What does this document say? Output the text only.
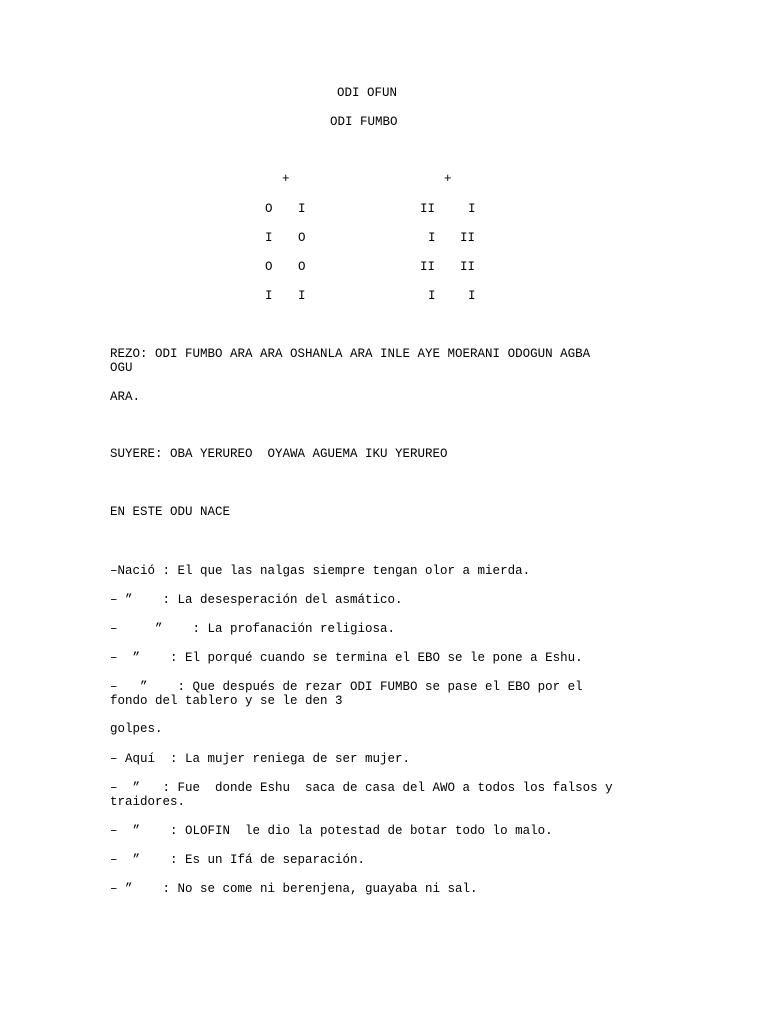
ODI OFUN
ODI FUMBO
+
O I
I O
O O
I I
+
II	I
I II
II II
I	I
REZO: ODI FUMBO ARA ARA OSHANLA ARA INLE AYE MOERANI ODOGUN AGBA
OGU
ARA.
SUYERE: OBA YERUREO  OYAWA AGUEMA IKU YERUREO
EN ESTE ODU NACE
–Nació : El que las nalgas siempre tengan olor a mierda.
– ”    : La desesperación del asmático.
–     ”    : La profanación religiosa.
–  ”    : El porqué cuando se termina el EBO se le pone a Eshu.
–   ”    : Que después de rezar ODI FUMBO se pase el EBO por el
fondo del tablero y se le den 3
golpes.
– Aquí  : La mujer reniega de ser mujer.
–  ”   : Fue  donde Eshu  saca de casa del AWO a todos los falsos y
traidores.
–  ”    : OLOFIN  le dio la potestad de botar todo lo malo.
–  ”    : Es un Ifá de separación.
– ”    : No se come ni berenjena, guayaba ni sal.
